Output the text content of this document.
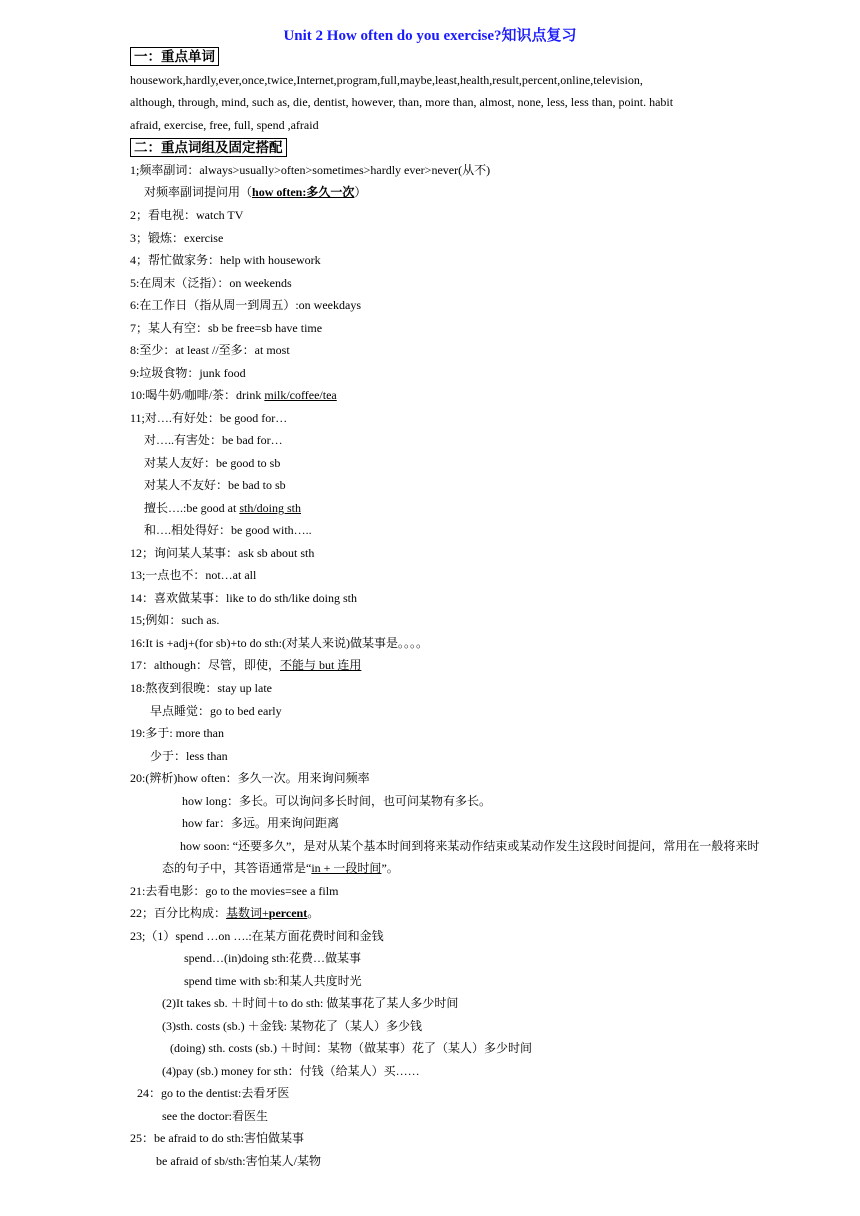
Unit 2 How often do you exercise?知识点复习
一：重点单词
housework,hardly,ever,once,twice,Internet,program,full,maybe,least,health,result,percent,online,television,
although, through, mind, such as, die, dentist, however, than, more than, almost, none, less, less than, point. habit
afraid, exercise, free, full, spend ,afraid
二：重点词组及固定搭配
1;频率副词：always>usually>often>sometimes>hardly ever>never(从不)
对频率副词提问用（how often:多久一次）
2；看电视：watch TV
3；锻炼：exercise
4；帮忙做家务：help with housework
5:在周末（泛指）：on weekends
6:在工作日（指从周一到周五）:on weekdays
7；某人有空：sb be free=sb have time
8:至少：at least //至多：at most
9:垃圾食物：junk food
10:喝牛奶/咖啡/茶：drink milk/coffee/tea
11;对….有好处：be good for…
对…..有害处：be bad for…
对某人友好：be good to sb
对某人不友好：be bad to sb
擅长….:be good at sth/doing sth
和….相处得好：be good with…..
12；询问某人某事：ask sb about sth
13;一点也不：not…at all
14：喜欢做某事：like to do sth/like doing sth
15;例如：such as.
16:It is +adj+(for sb)+to do sth:(对某人来说)做某事是。。。。
17：although：尽管，即使，不能与 but 连用
18:熬夜到很晚：stay up late
早点睡觉：go to bed early
19:多于: more than
少于：less than
20:(辨析)how often：多久一次。用来询问频率
how long：多长。可以询问多长时间，也可问某物有多长。
how far：多远。用来询问距离
how soon: “还要多久”，是对从某个基本时间到将来某动作结束或某动作发生这段时间提问，常用在一般将来时
态的句子中，其答语通常是“in + 一段时间”。
21:去看电影：go to the movies=see a film
22；百分比构成：基数词+percent。
23;（1）spend …on ….:在某方面花费时间和金钱
spend…(in)doing sth:花费…做某事
spend time with sb:和某人共度时光
(2)It takes sb. ＋时间＋to do sth: 做某事花了某人多少时间
(3)sth. costs (sb.) ＋金钱: 某物花了（某人）多少钱
(doing) sth. costs (sb.) ＋时间：某物（做某事）花了（某人）多少时间
(4)pay (sb.) money for sth：付钱（给某人）买……
24：go to the dentist:去看牙医
see the doctor:看医生
25：be afraid to do sth:害怕做某事
be afraid of sb/sth:害怕某人/某物
